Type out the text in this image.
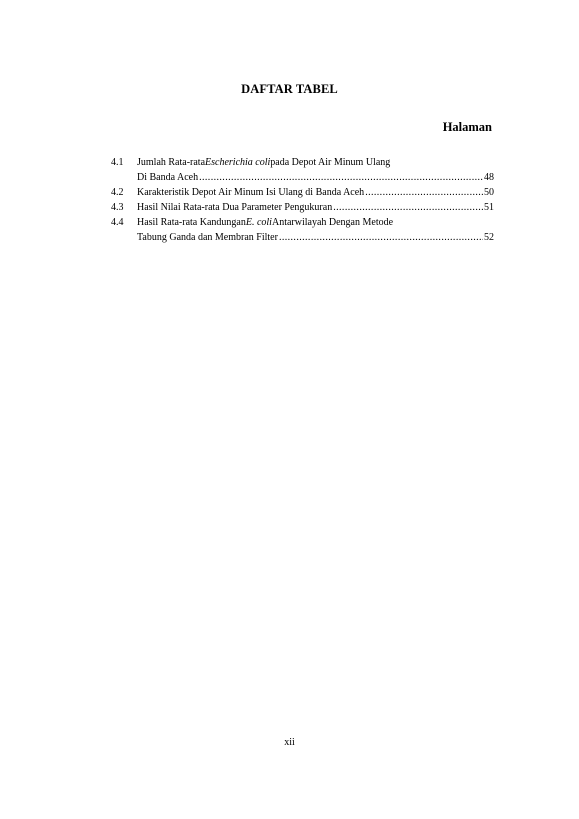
DAFTAR TABEL
Halaman
4.1	Jumlah Rata-rata Escherichia coli pada Depot Air Minum Ulang
Di Banda Aceh .....	48
4.2	Karakteristik Depot Air Minum Isi Ulang di Banda Aceh .....	50
4.3	Hasil Nilai Rata-rata Dua Parameter Pengukuran .....	51
4.4	Hasil Rata-rata Kandungan E. coli Antarwilayah Dengan Metode
Tabung Ganda dan Membran Filter .....	52
xii
